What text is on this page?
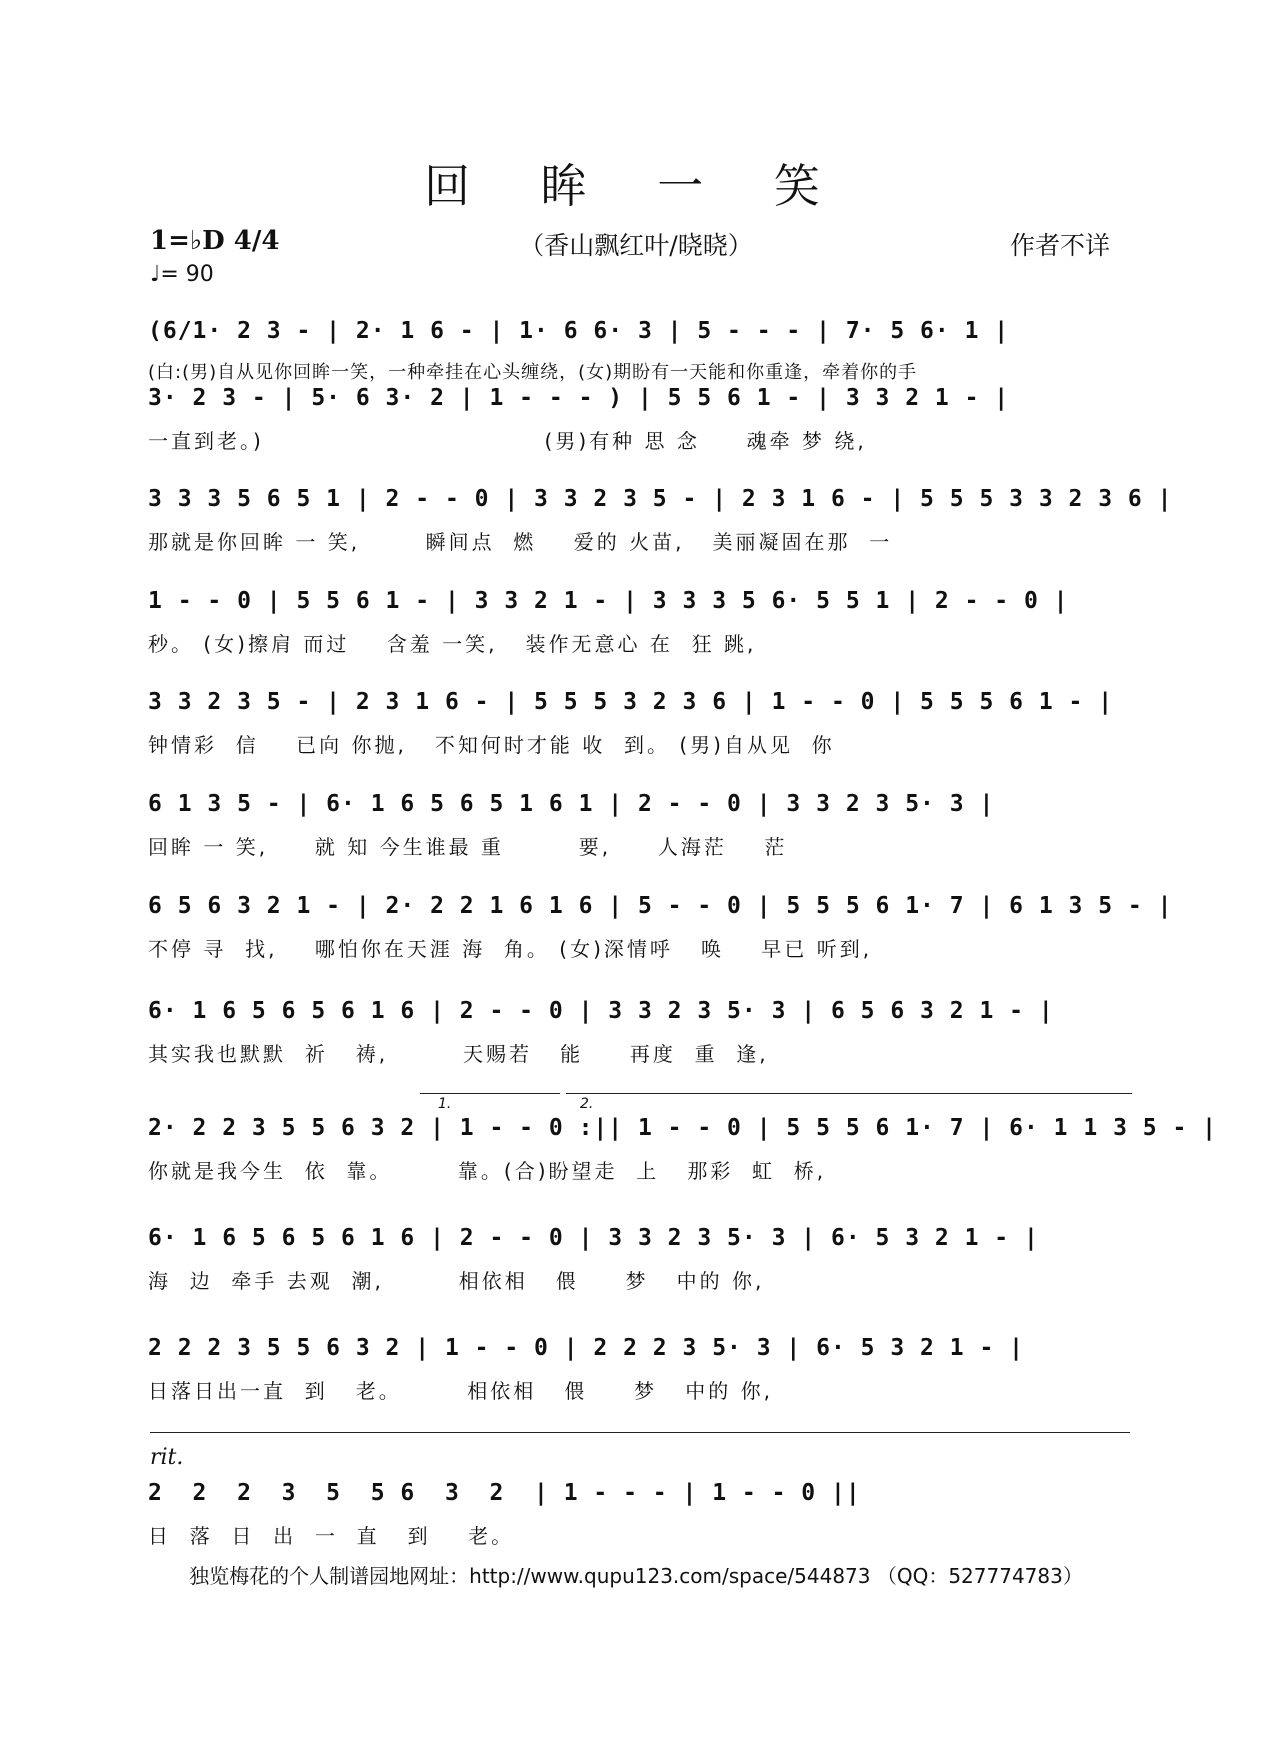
回 眸 一 笑
1=♭D 4/4
♩= 90
（香山飘红叶/晓晓）	作者不详
(6/1· 2 3 - | 2· 1 6 - | 1· 6 6· 3 | 5 - - - | 7· 5 6· 1 |
(白:(男)自从见你回眸一笑，一种牵挂在心头缠绕，(女)期盼有一天能和你重逢，牵着你的手
3· 2 3 - | 5· 6 3· 2 | 1 - - - ) | 5 5 6 1 - | 3 3 2 1 - |
一直到老。)                              (男)有种 思 念     魂牵 梦 绕,
3 3 3 5 6 5 1 | 2 - - 0 | 3 3 2 3 5 - | 2 3 1 6 - | 5 5 5 3 3 2 3 6 |
那就是你回眸 一 笑,       瞬间点  燃    爱的 火苗,   美丽凝固在那  一
1 - - 0 | 5 5 6 1 - | 3 3 2 1 - | 3 3 3 5 6· 5 5 1 | 2 - - 0 |
秒。 (女)擦肩 而过    含羞 一笑,   装作无意心 在  狂 跳,
3 3 2 3 5 - | 2 3 1 6 - | 5 5 5 3 2 3 6 | 1 - - 0 | 5 5 5 6 1 - |
钟情彩  信    已向 你抛,   不知何时才能 收  到。 (男)自从见  你
6 1 3 5 - | 6· 1 6 5 6 5 1 6 1 | 2 - - 0 | 3 3 2 3 5· 3 |
回眸 一 笑,     就 知 今生谁最 重        要,     人海茫    茫
6 5 6 3 2 1 - | 2· 2 2 1 6 1 6 | 5 - - 0 | 5 5 5 6 1· 7 | 6 1 3 5 - |
不停 寻  找,    哪怕你在天涯 海  角。 (女)深情呼   唤    早已 听到,
6· 1 6 5 6 5 6 1 6 | 2 - - 0 | 3 3 2 3 5· 3 | 6 5 6 3 2 1 - |
其实我也默默  祈   祷,        天赐若   能     再度  重  逢,
1.	2.
2· 2 2 3 5 5 6 3 2 | 1 - - 0 :|| 1 - - 0 | 5 5 5 6 1· 7 | 6· 1 1 3 5 - |
你就是我今生  依  靠。       靠。(合)盼望走  上   那彩  虹  桥,
6· 1 6 5 6 5 6 1 6 | 2 - - 0 | 3 3 2 3 5· 3 | 6· 5 3 2 1 - |
海  边  牵手 去观  潮,        相依相   偎     梦   中的 你,
2 2 2 3 5 5 6 3 2 | 1 - - 0 | 2 2 2 3 5· 3 | 6· 5 3 2 1 - |
日落日出一直  到   老。       相依相   偎     梦   中的 你,
rit.
2  2  2  3  5  5 6  3  2  | 1 - - - | 1 - - 0 ||
日  落  日  出  一  直   到    老。
独览梅花的个人制谱园地网址：http://www.qupu123.com/space/544873 （QQ：527774783）
